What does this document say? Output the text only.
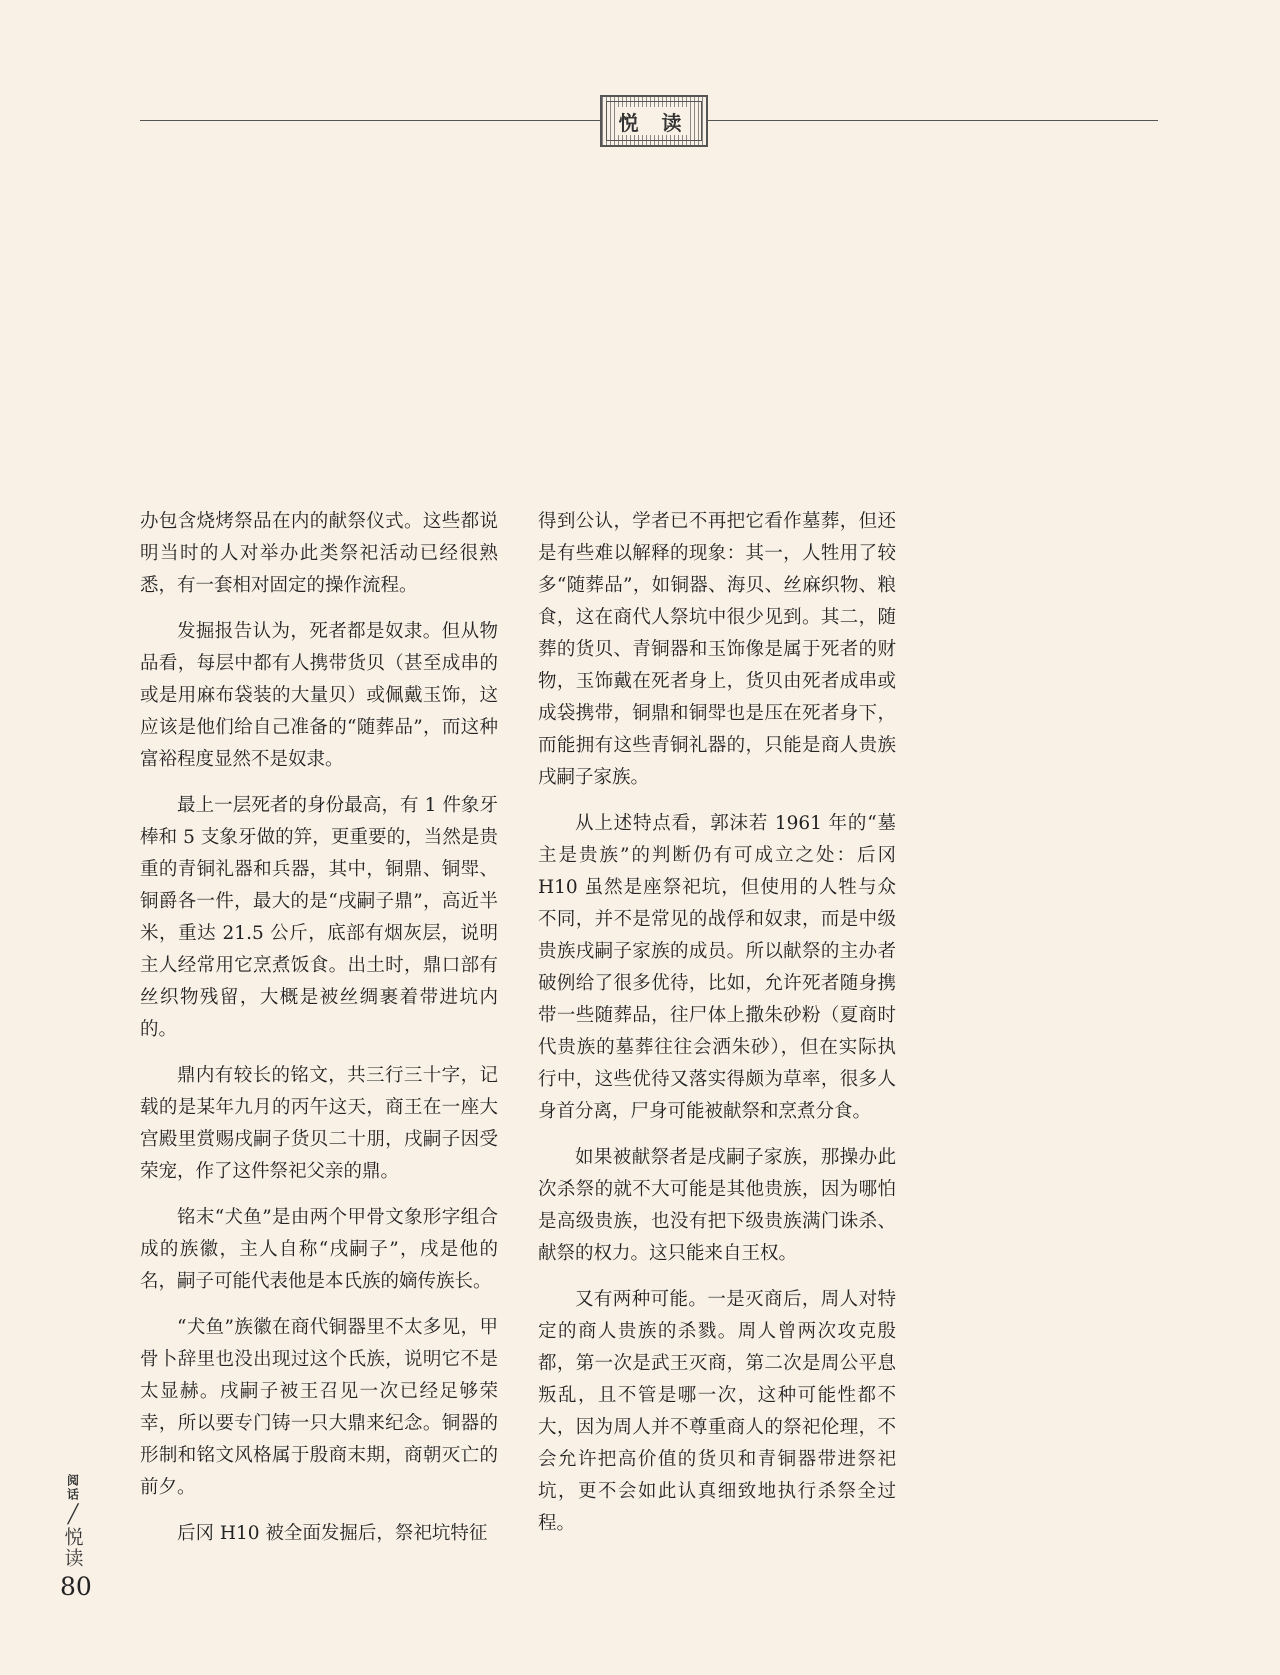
悦 读

办包含烧烤祭品在内的献祭仪式。这些都说明当时的人对举办此类祭祀活动已经很熟悉，有一套相对固定的操作流程。

发掘报告认为，死者都是奴隶。但从物品看，每层中都有人携带货贝（甚至成串的或是用麻布袋装的大量贝）或佩戴玉饰，这应该是他们给自己准备的“随葬品”，而这种富裕程度显然不是奴隶。

最上一层死者的身份最高，有 1 件象牙棒和 5 支象牙做的笄，更重要的，当然是贵重的青铜礼器和兵器，其中，铜鼎、铜斝、铜爵各一件，最大的是“戌嗣子鼎”，高近半米，重达 21.5 公斤，底部有烟灰层，说明主人经常用它烹煮饭食。出土时，鼎口部有丝织物残留，大概是被丝绸裹着带进坑内的。

鼎内有较长的铭文，共三行三十字，记载的是某年九月的丙午这天，商王在一座大宫殿里赏赐戌嗣子货贝二十朋，戌嗣子因受荣宠，作了这件祭祀父亲的鼎。

铭末“犬鱼”是由两个甲骨文象形字组合成的族徽，主人自称“戌嗣子”，戌是他的名，嗣子可能代表他是本氏族的嫡传族长。

“犬鱼”族徽在商代铜器里不太多见，甲骨卜辞里也没出现过这个氏族，说明它不是太显赫。戌嗣子被王召见一次已经足够荣幸，所以要专门铸一只大鼎来纪念。铜器的形制和铭文风格属于殷商末期，商朝灭亡的前夕。

后冈 H10 被全面发掘后，祭祀坑特征

得到公认，学者已不再把它看作墓葬，但还是有些难以解释的现象：其一，人牲用了较多“随葬品”，如铜器、海贝、丝麻织物、粮食，这在商代人祭坑中很少见到。其二，随葬的货贝、青铜器和玉饰像是属于死者的财物，玉饰戴在死者身上，货贝由死者成串或成袋携带，铜鼎和铜斝也是压在死者身下，而能拥有这些青铜礼器的，只能是商人贵族戌嗣子家族。

从上述特点看，郭沫若 1961 年的“墓主是贵族”的判断仍有可成立之处：后冈 H10 虽然是座祭祀坑，但使用的人牲与众不同，并不是常见的战俘和奴隶，而是中级贵族戌嗣子家族的成员。所以献祭的主办者破例给了很多优待，比如，允许死者随身携带一些随葬品，往尸体上撒朱砂粉（夏商时代贵族的墓葬往往会洒朱砂），但在实际执行中，这些优待又落实得颇为草率，很多人身首分离，尸身可能被献祭和烹煮分食。

如果被献祭者是戌嗣子家族，那操办此次杀祭的就不大可能是其他贵族，因为哪怕是高级贵族，也没有把下级贵族满门诛杀、献祭的权力。这只能来自王权。

又有两种可能。一是灭商后，周人对特定的商人贵族的杀戮。周人曾两次攻克殷都，第一次是武王灭商，第二次是周公平息叛乱，且不管是哪一次，这种可能性都不大，因为周人并不尊重商人的祭祀伦理，不会允许把高价值的货贝和青铜器带进祭祀坑，更不会如此认真细致地执行杀祭全过程。

阅话
╱
悦读
80
